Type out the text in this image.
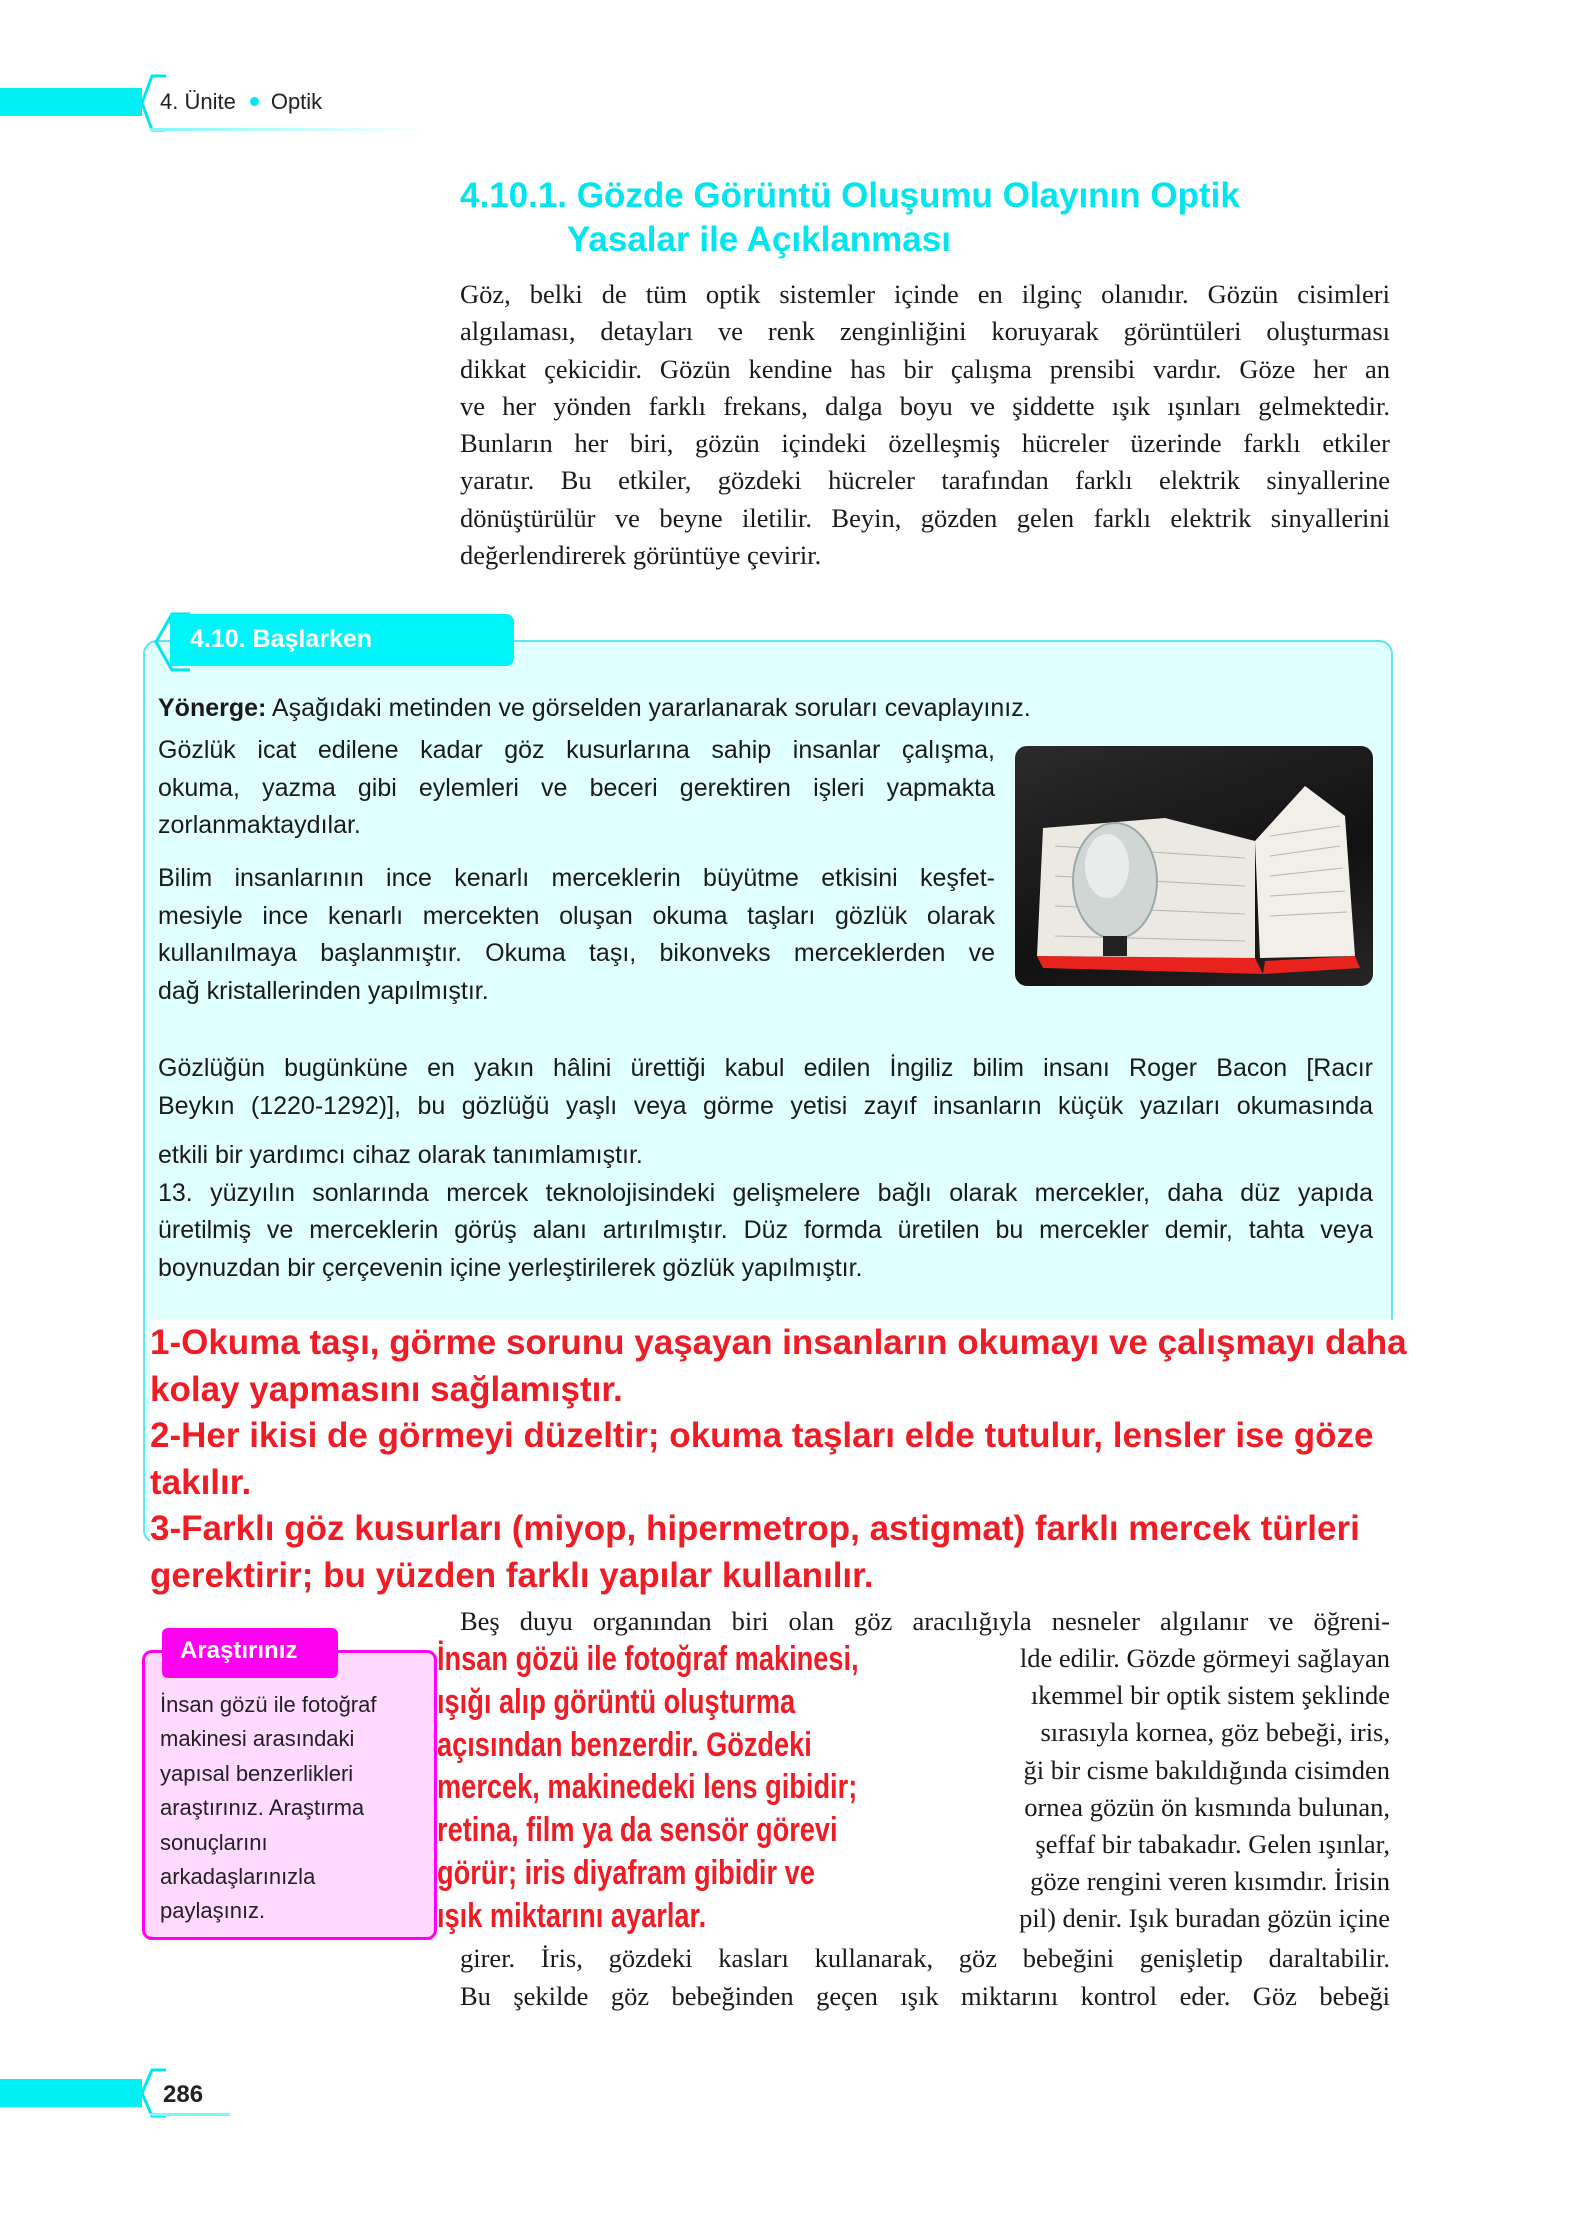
4. Ünite Optik
4.10.1. Gözde Görüntü Oluşumu Olayının Optik
Yasalar ile Açıklanması
Göz, belki de tüm optik sistemler içinde en ilginç olanıdır. Gözün cisimleri
algılaması, detayları ve renk zenginliğini koruyarak görüntüleri oluşturması
dikkat çekicidir. Gözün kendine has bir çalışma prensibi vardır. Göze her an
ve her yönden farklı frekans, dalga boyu ve şiddette ışık ışınları gelmektedir.
Bunların her biri, gözün içindeki özelleşmiş hücreler üzerinde farklı etkiler
yaratır. Bu etkiler, gözdeki hücreler tarafından farklı elektrik sinyallerine
dönüştürülür ve beyne iletilir. Beyin, gözden gelen farklı elektrik sinyallerini
değerlendirerek görüntüye çevirir.
4.10. Başlarken
Yönerge: Aşağıdaki metinden ve görselden yararlanarak soruları cevaplayınız.
Gözlük icat edilene kadar göz kusurlarına sahip insanlar çalışma,
okuma, yazma gibi eylemleri ve beceri gerektiren işleri yapmakta
zorlanmaktaydılar.
Bilim insanlarının ince kenarlı merceklerin büyütme etkisini keşfet-
mesiyle ince kenarlı mercekten oluşan okuma taşları gözlük olarak
kullanılmaya başlanmıştır. Okuma taşı, bikonveks merceklerden ve
dağ kristallerinden yapılmıştır.
Gözlüğün bugünküne en yakın hâlini ürettiği kabul edilen İngiliz bilim insanı Roger Bacon [Racır
Beykın (1220-1292)], bu gözlüğü yaşlı veya görme yetisi zayıf insanların küçük yazıları okumasında
etkili bir yardımcı cihaz olarak tanımlamıştır.
13. yüzyılın sonlarında mercek teknolojisindeki gelişmelere bağlı olarak mercekler, daha düz yapıda
üretilmiş ve merceklerin görüş alanı artırılmıştır. Düz formda üretilen bu mercekler demir, tahta veya
boynuzdan bir çerçevenin içine yerleştirilerek gözlük yapılmıştır.
1-Okuma taşı, görme sorunu yaşayan insanların okumayı ve çalışmayı daha
kolay yapmasını sağlamıştır.
2-Her ikisi de görmeyi düzeltir; okuma taşları elde tutulur, lensler ise göze
takılır.
3-Farklı göz kusurları (miyop, hipermetrop, astigmat) farklı mercek türleri
gerektirir; bu yüzden farklı yapılar kullanılır.
Araştırınız
İnsan gözü ile fotoğraf
makinesi arasındaki
yapısal benzerlikleri
araştırınız. Araştırma
sonuçlarını
arkadaşlarınızla
paylaşınız.
Beş duyu organından biri olan göz aracılığıyla nesneler algılanır ve öğreni-
lde edilir. Gözde görmeyi sağlayan
ıkemmel bir optik sistem şeklinde
sırasıyla kornea, göz bebeği, iris,
ği bir cisme bakıldığında cisimden
ornea gözün ön kısmında bulunan,
şeffaf bir tabakadır. Gelen ışınlar,
göze rengini veren kısımdır. İrisin
pil) denir. Işık buradan gözün içine
girer. İris, gözdeki kasları kullanarak, göz bebeğini genişletip daraltabilir.
Bu şekilde göz bebeğinden geçen ışık miktarını kontrol eder. Göz bebeği
İnsan gözü ile fotoğraf makinesi,
ışığı alıp görüntü oluşturma
açısından benzerdir. Gözdeki
mercek, makinedeki lens gibidir;
retina, film ya da sensör görevi
görür; iris diyafram gibidir ve
ışık miktarını ayarlar.
286
